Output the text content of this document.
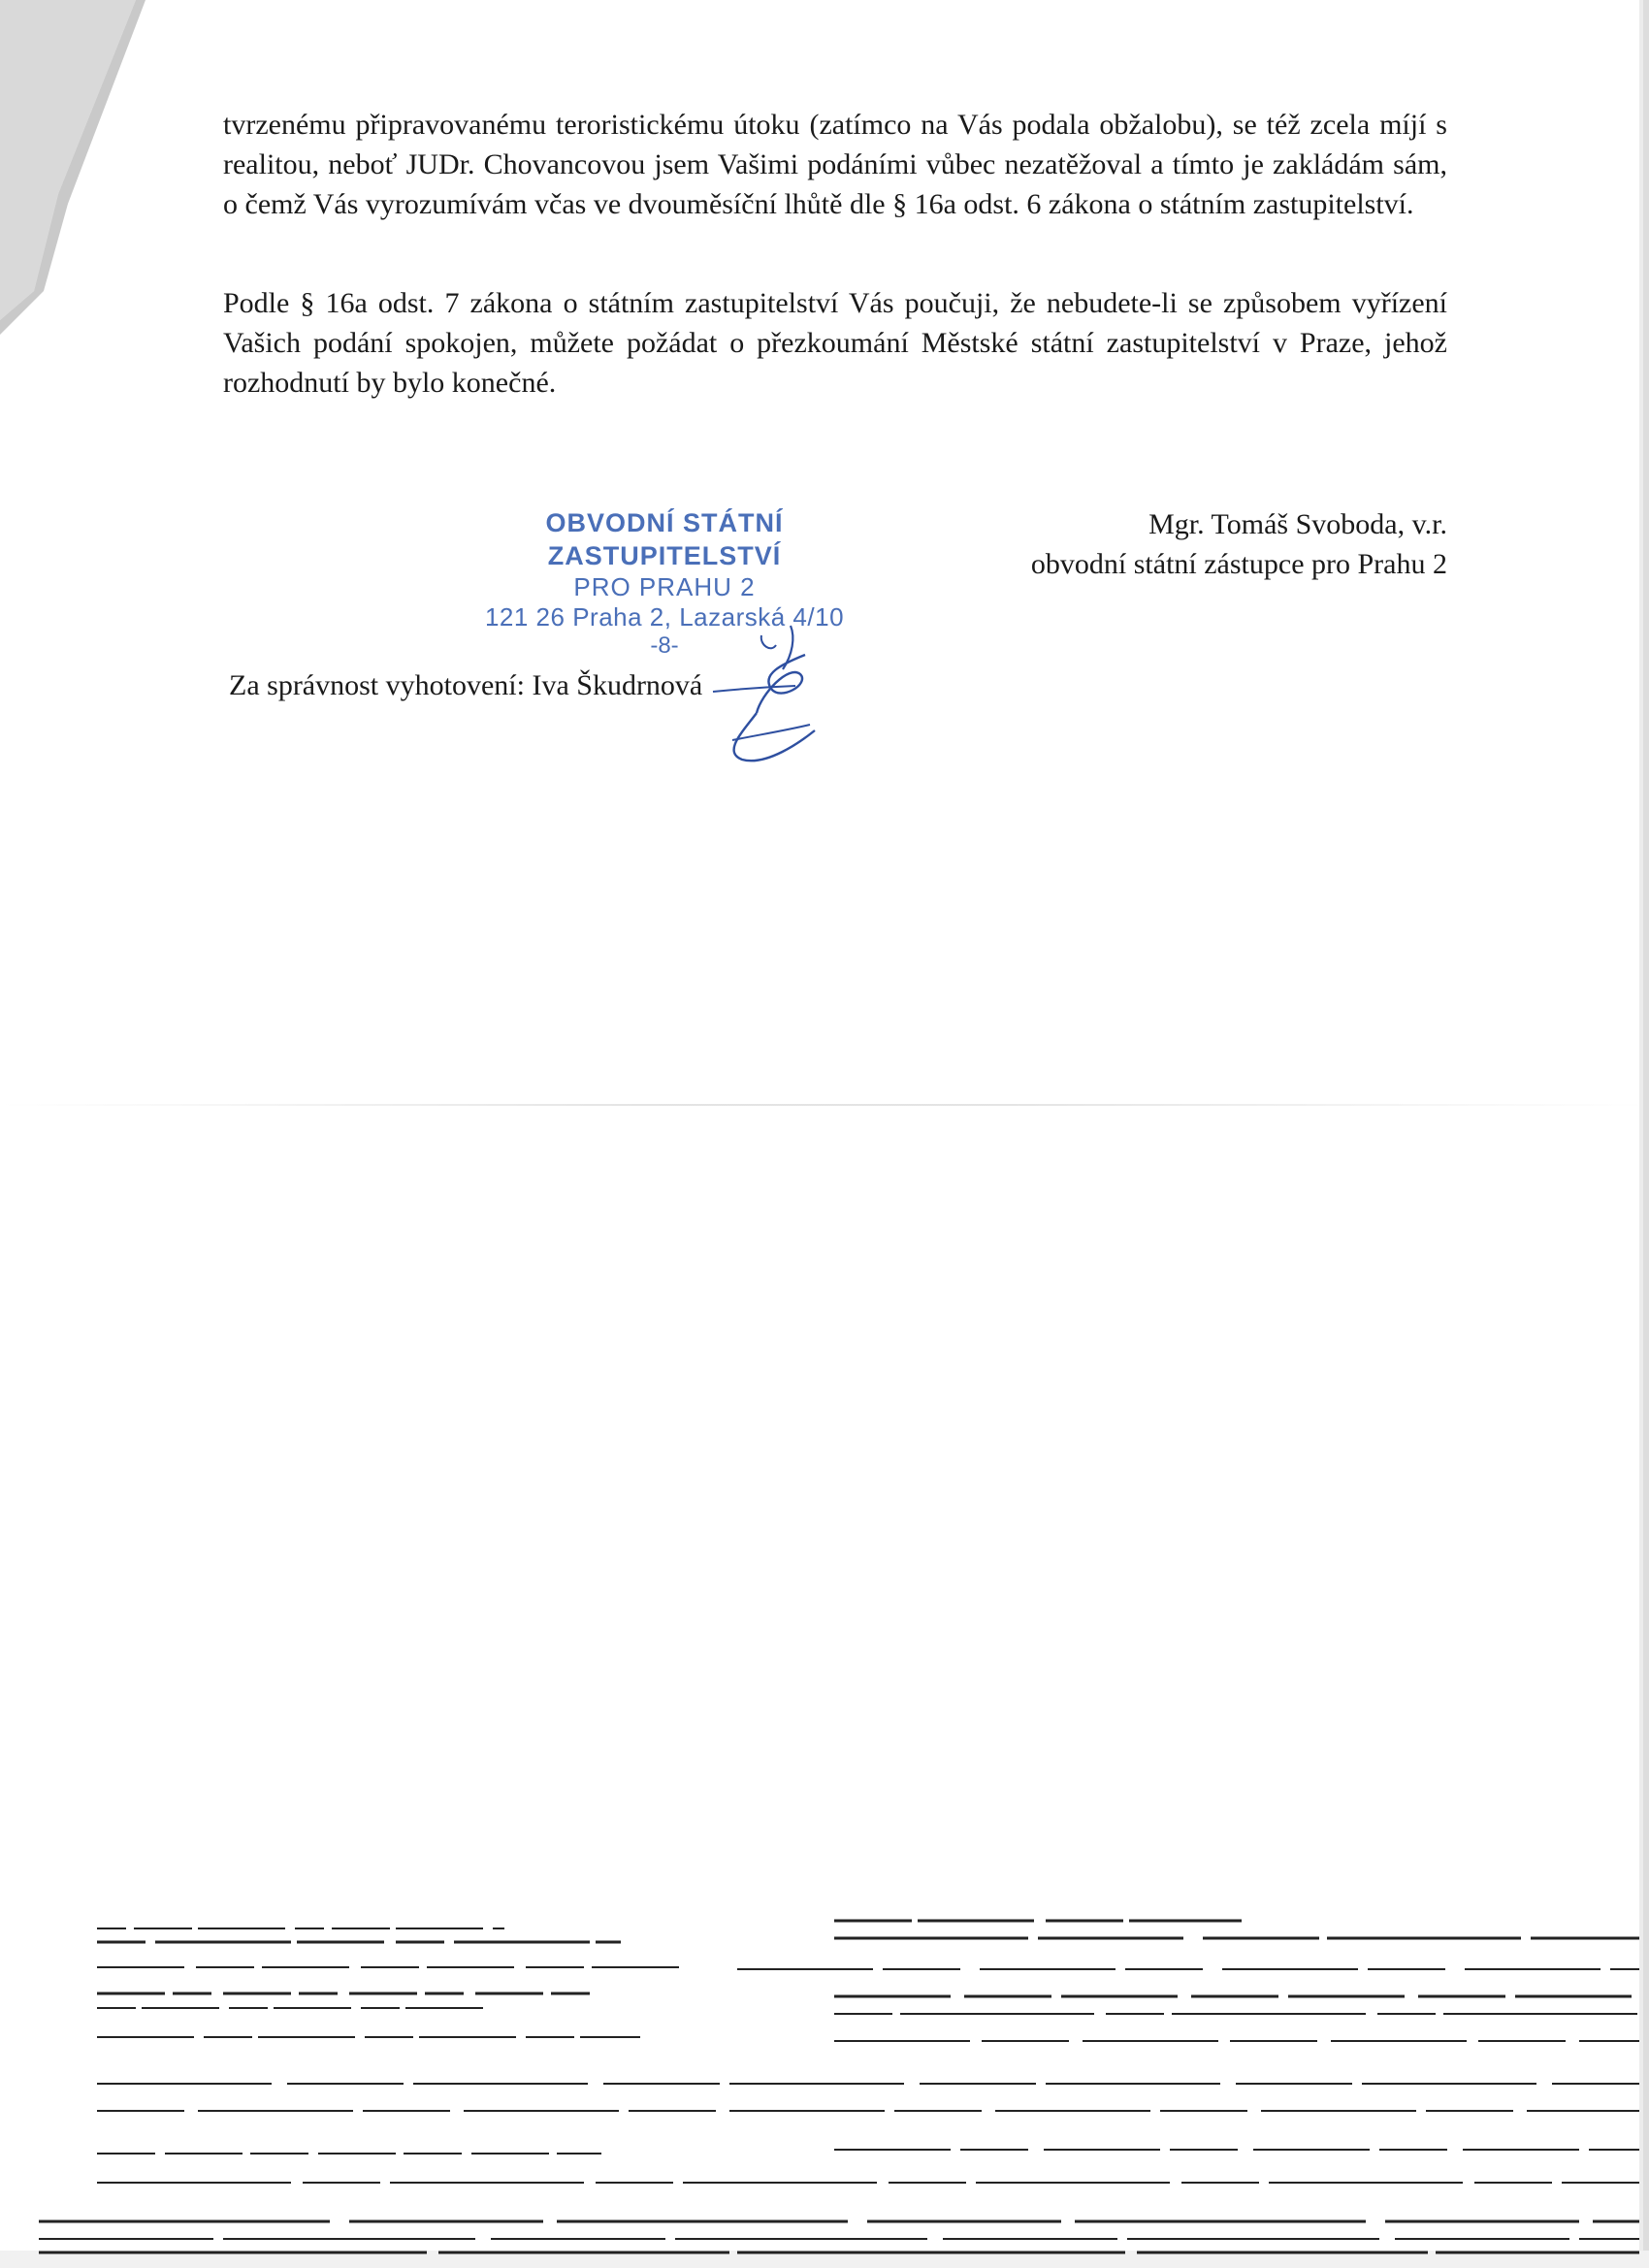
tvrzenému připravovanému teroristickému útoku (zatímco na Vás podala obžalobu), se též zcela míjí s realitou, neboť JUDr. Chovancovou jsem Vašimi podáními vůbec nezatěžoval a tímto je zakládám sám, o čemž Vás vyrozumívám včas ve dvouměsíční lhůtě dle § 16a odst. 6 zákona o státním zastupitelství.
Podle § 16a odst. 7 zákona o státním zastupitelství Vás poučuji, že nebudete-li se způsobem vyřízení Vašich podání spokojen, můžete požádat o přezkoumání Městské státní zastupitelství v Praze, jehož rozhodnutí by bylo konečné.
OBVODNÍ STÁTNÍ ZASTUPITELSTVÍ
PRO PRAHU 2
121 26 Praha 2, Lazarská 4/10
-8-
Mgr. Tomáš Svoboda, v.r.
obvodní státní zástupce pro Prahu 2
Za správnost vyhotovení: Iva Škudrnová
